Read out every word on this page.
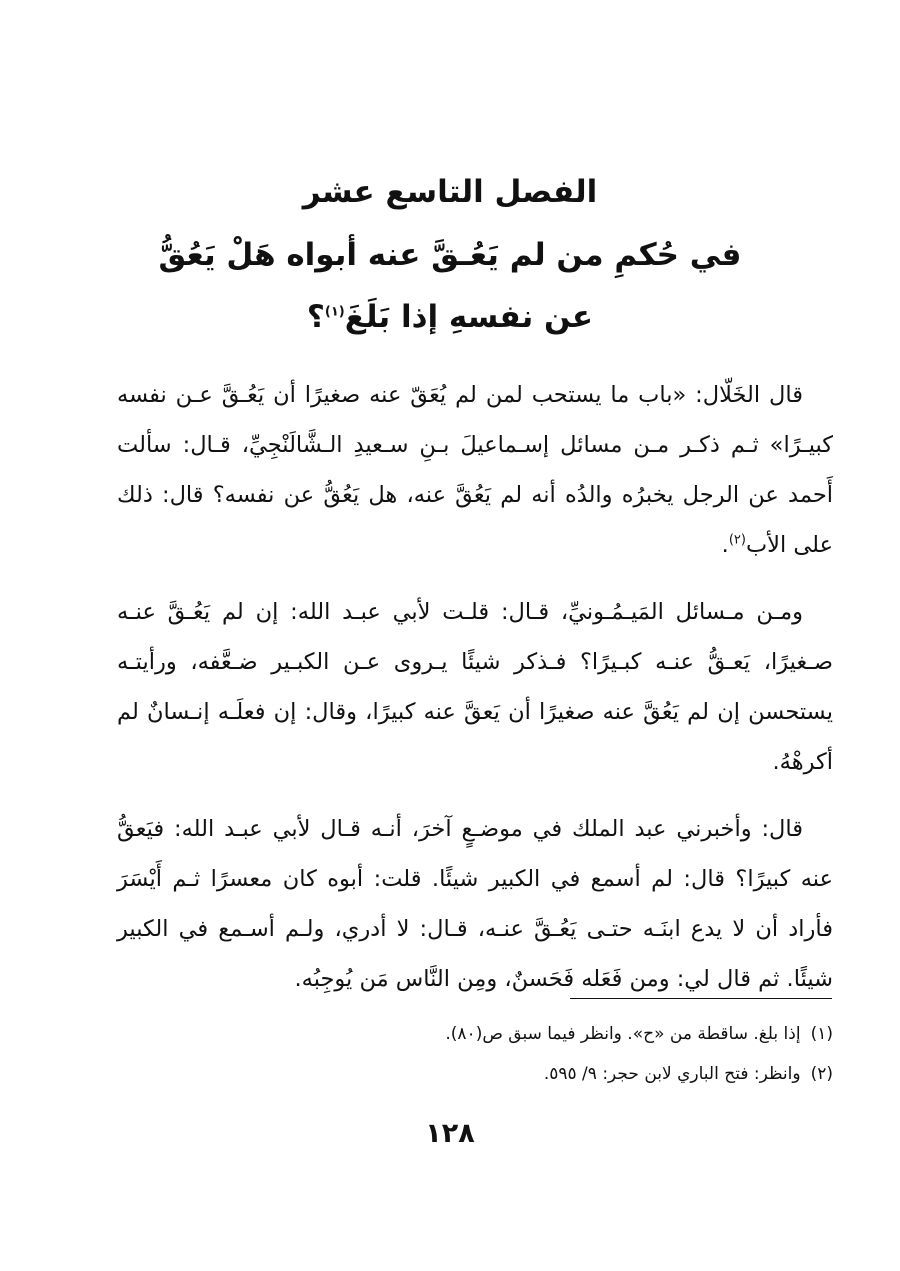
الفصل التاسع عشر

في حُكمِ من لم يَعُـقَّ عنه أبواه هَلْ يَعُقُّ

عن نفسهِ إذا بَلَغَ$^{(١)}$؟

قال الخَلّال: «باب ما يستحب لمن لم يُعَقّ عنه صغيرًا أن يَعُـقَّ عـن نفسه كبيـرًا» ثـم ذكـر مـن مسائل إسـماعيلَ بـنِ سـعيدِ الـشَّالَنْجِيِّ، قـال: سألت أَحمد عن الرجل يخبرُه والدُه أنه لم يَعُقَّ عنه، هل يَعُقُّ عن نفسه؟ قال: ذلك على الأب$^{(٢)}$.

ومـن مـسائل المَيـمُـونيِّ، قـال: قلـت لأبي عبـد الله: إن لم يَعُـقَّ عنـه صـغيرًا، يَعـقُّ عنـه كبـيرًا؟ فـذكر شيئًا يـروى عـن الكبـير ضـعَّفه، ورأيتـه يستحسن إن لم يَعُقَّ عنه صغيرًا أن يَعقَّ عنه كبيرًا، وقال: إن فعلَـه إنـسانٌ لم أكرهْهُ.

قال: وأخبرني عبد الملك في موضـعٍ آخرَ، أنـه قـال لأبي عبـد الله: فيَعقُّ عنه كبيرًا؟ قال: لم أسمع في الكبير شيئًا. قلت: أبوه كان معسرًا ثـم أَيْسَرَ فأراد أن لا يدع ابنَـه حتـى يَعُـقَّ عنـه، قـال: لا أدري، ولـم أسـمع في الكبير شيئًا. ثم قال لي: ومن فَعَله فَحَسنٌ، ومِن النَّاس مَن يُوجِبُه.

(١)إذا بلغ. ساقطة من «ح». وانظر فيما سبق ص(٨٠).

(٢)وانظر: فتح الباري لابن حجر: ٩/ ٥٩٥.

١٢٨
